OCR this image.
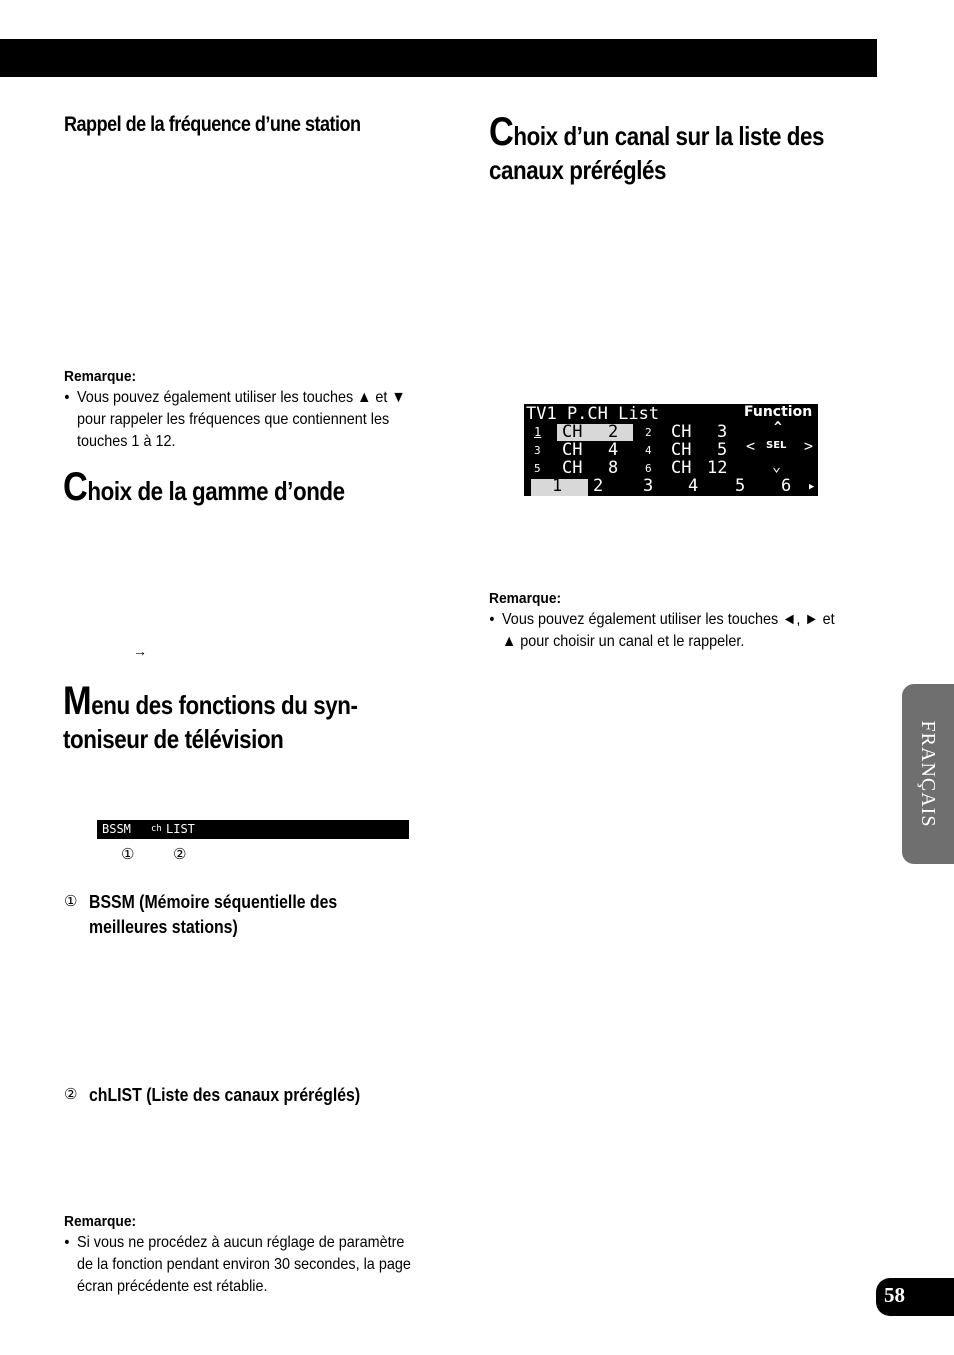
Rappel de la fréquence d’une station
Remarque:
• Vous pouvez également utiliser les touches ▲ et ▼
pour rappeler les fréquences que contiennent les
touches 1 à 12.
Choix de la gamme d’onde
→
Menu des fonctions du syn-
toniseur de télévision
BSSM ch LIST
①	②
① BSSM (Mémoire séquentielle des
meilleures stations)
② chLIST (Liste des canaux préréglés)
Remarque:
• Si vous ne procédez à aucun réglage de paramètre
de la fonction pendant environ 30 secondes, la page
écran précédente est rétablie.
Choix d’un canal sur la liste des
canaux préréglés
TV1 P.CH List	Function
1 CH 2 2 CH 3
3 CH 4 4 CH 5
5 CH 8 6 CH 12
^
< SEL >
⌄
1 2 3 4 5 6 ▶
Remarque:
• Vous pouvez également utiliser les touches ◄, ► et
▲ pour choisir un canal et le rappeler.
FRANÇAIS
58
